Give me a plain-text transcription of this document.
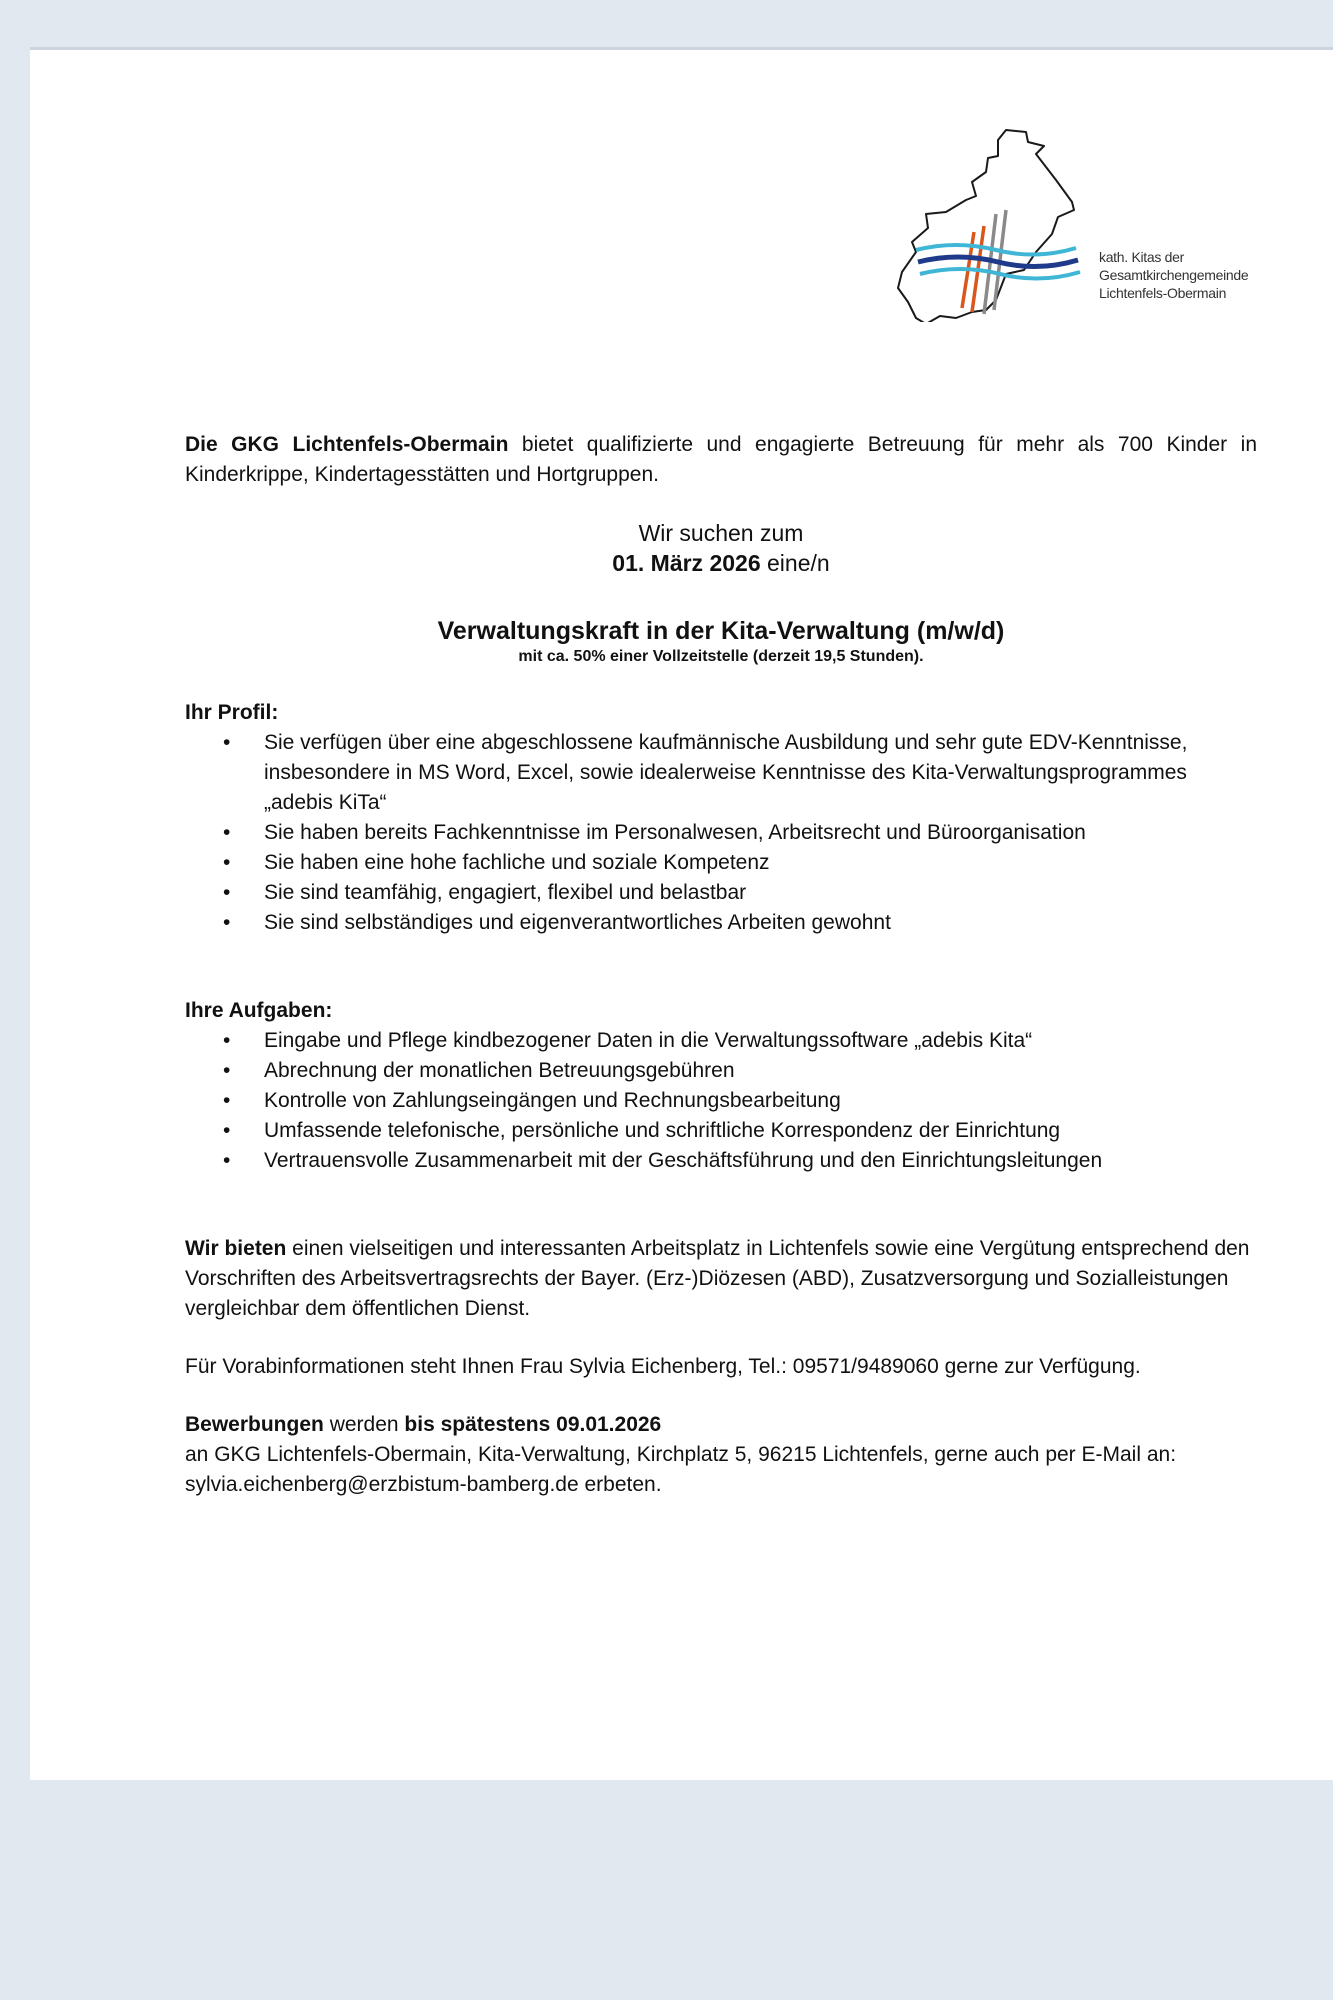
kath. Kitas der
Gesamtkirchengemeinde
Lichtenfels-Obermain

Die GKG Lichtenfels-Obermain bietet qualifizierte und engagierte Betreuung für mehr als 700 Kinder in Kinderkrippe, Kindertagesstätten und Hortgruppen.

Wir suchen zum

01. März 2026 eine/n

Verwaltungskraft in der Kita-Verwaltung (m/w/d)

mit ca. 50% einer Vollzeitstelle (derzeit 19,5 Stunden).

Ihr Profil:

• Sie verfügen über eine abgeschlossene kaufmännische Ausbildung und sehr gute EDV-Kenntnisse, insbesondere in MS Word, Excel, sowie idealerweise Kenntnisse des Kita-Verwaltungsprogrammes „adebis KiTa“
• Sie haben bereits Fachkenntnisse im Personalwesen, Arbeitsrecht und Büroorganisation
• Sie haben eine hohe fachliche und soziale Kompetenz
• Sie sind teamfähig, engagiert, flexibel und belastbar
• Sie sind selbständiges und eigenverantwortliches Arbeiten gewohnt

Ihre Aufgaben:

• Eingabe und Pflege kindbezogener Daten in die Verwaltungssoftware „adebis Kita“
• Abrechnung der monatlichen Betreuungsgebühren
• Kontrolle von Zahlungseingängen und Rechnungsbearbeitung
• Umfassende telefonische, persönliche und schriftliche Korrespondenz der Einrichtung
• Vertrauensvolle Zusammenarbeit mit der Geschäftsführung und den Einrichtungsleitungen

Wir bieten einen vielseitigen und interessanten Arbeitsplatz in Lichtenfels sowie eine Vergütung entsprechend den Vorschriften des Arbeitsvertragsrechts der Bayer. (Erz-)Diözesen (ABD), Zusatzversorgung und Sozialleistungen vergleichbar dem öffentlichen Dienst.

Für Vorabinformationen steht Ihnen Frau Sylvia Eichenberg, Tel.: 09571/9489060 gerne zur Verfügung.

Bewerbungen werden bis spätestens 09.01.2026

an GKG Lichtenfels-Obermain, Kita-Verwaltung, Kirchplatz 5, 96215 Lichtenfels, gerne auch per E-Mail an: sylvia.eichenberg@erzbistum-bamberg.de erbeten.
